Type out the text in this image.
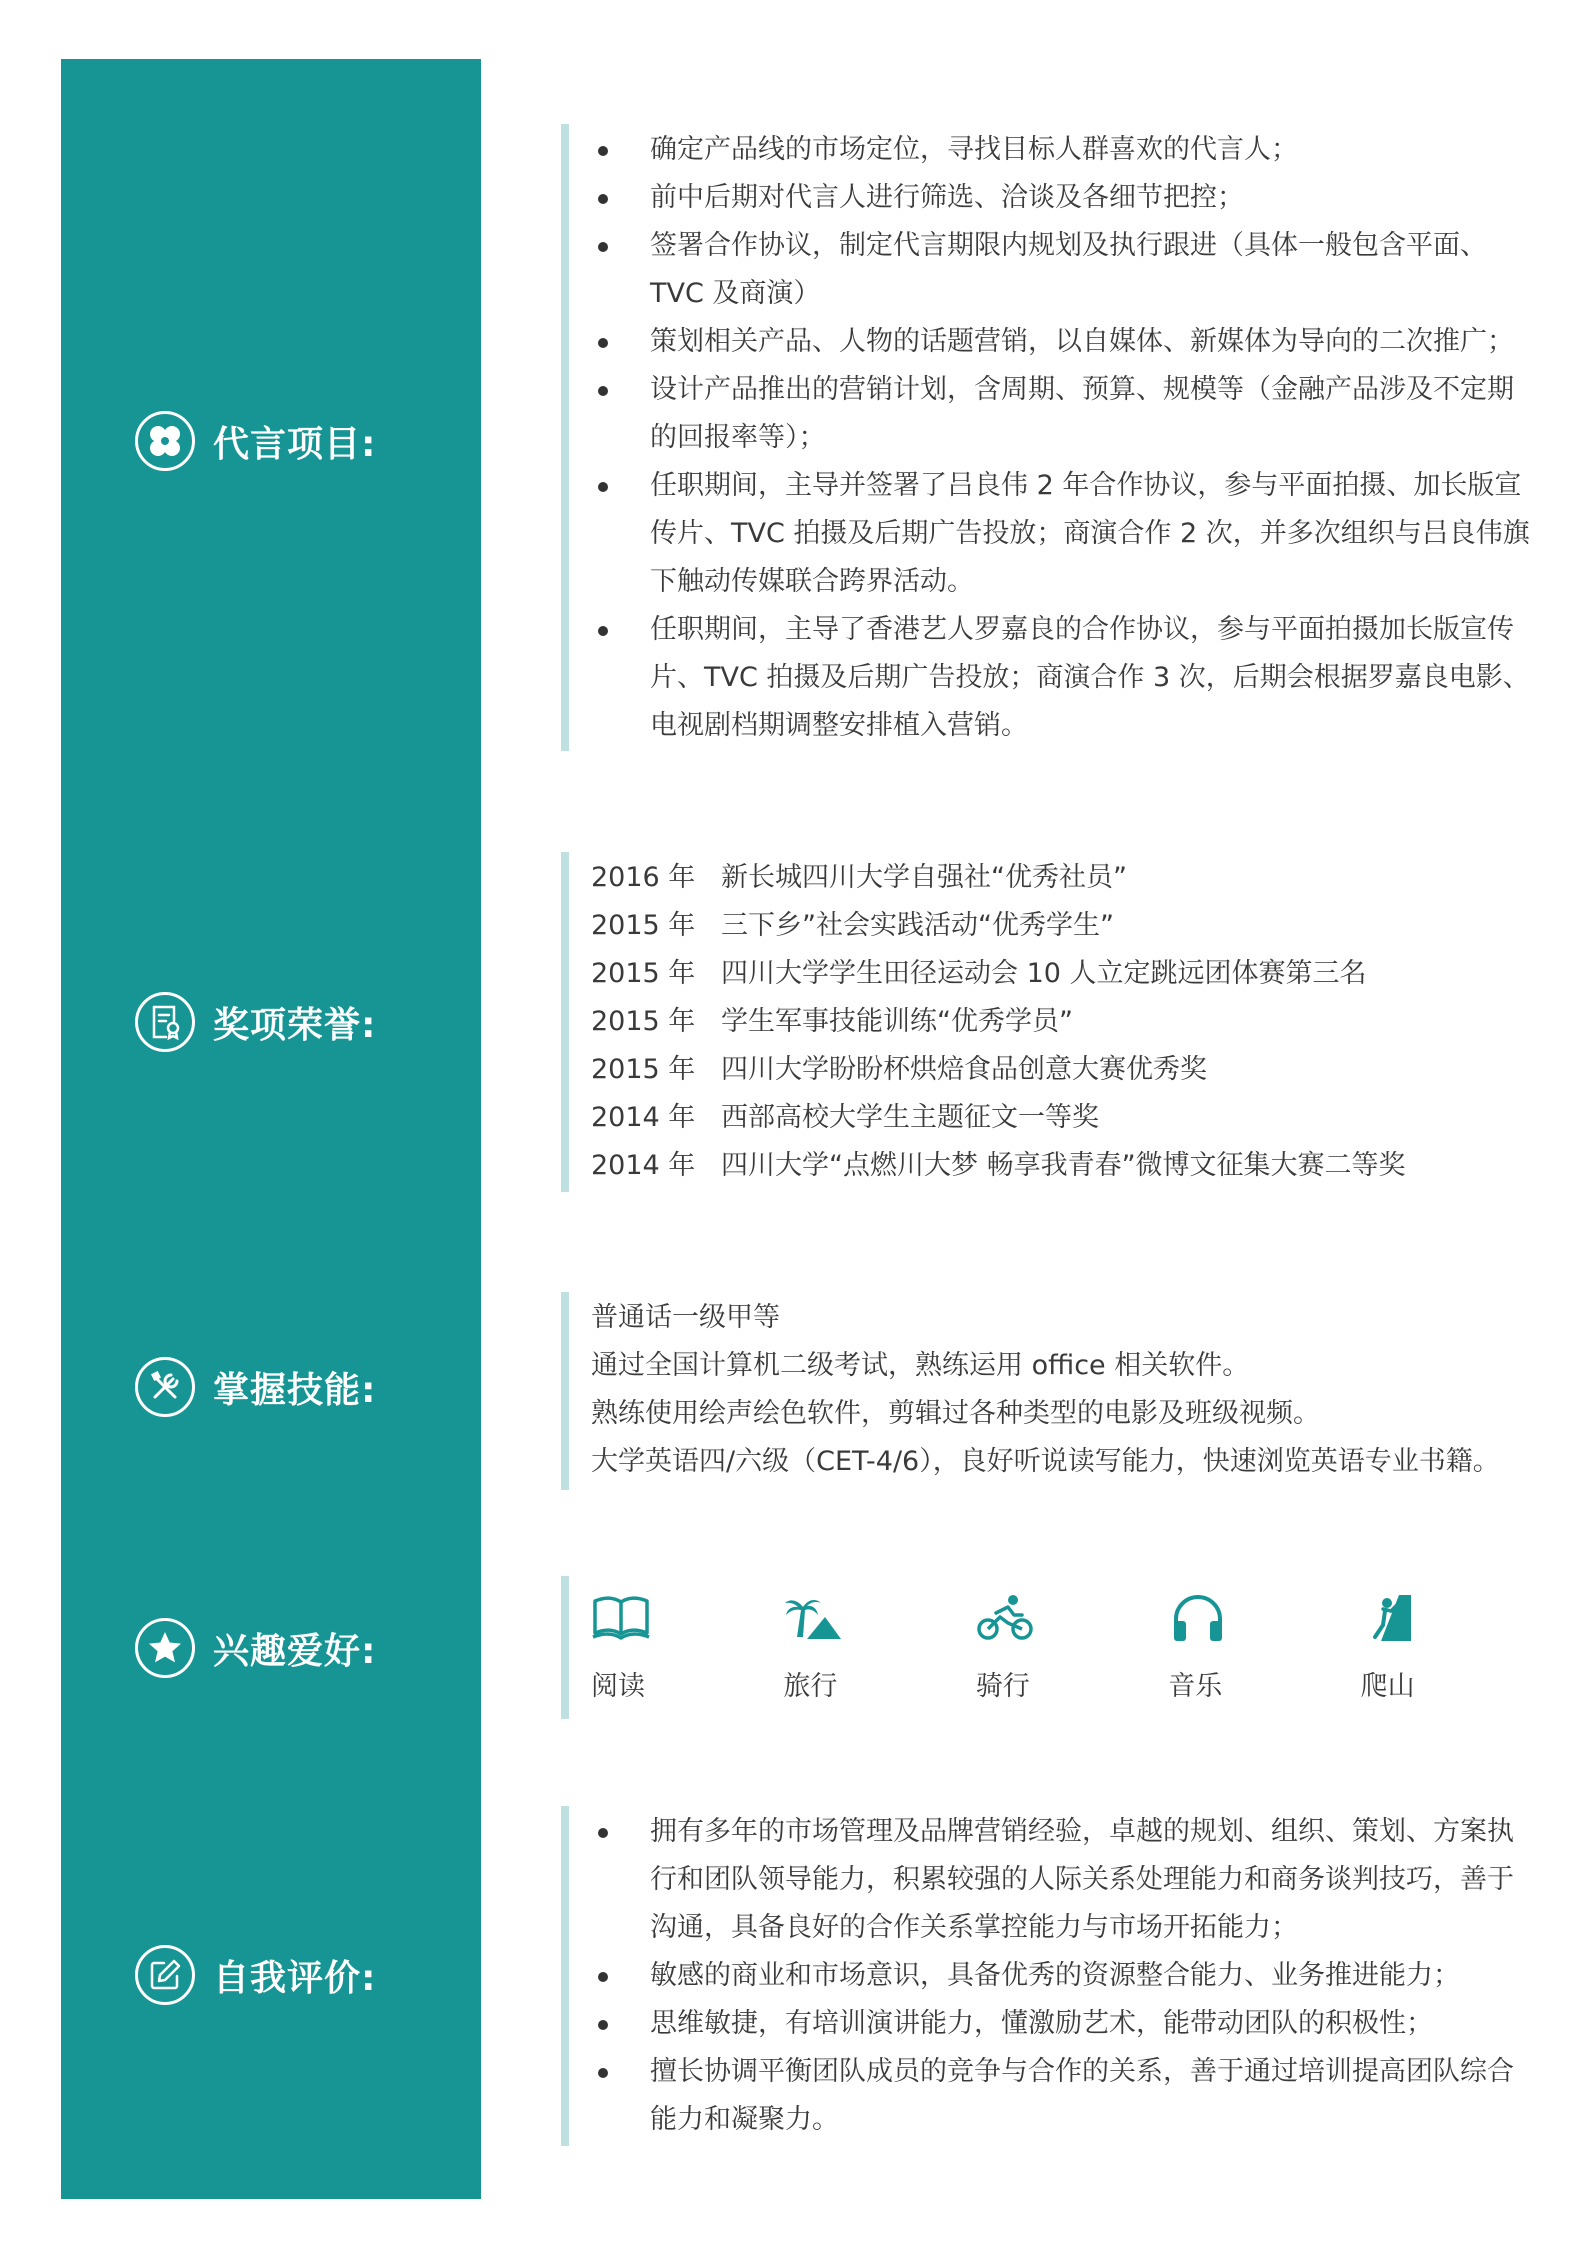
代言项目:
奖项荣誉:
掌握技能:
兴趣爱好:
自我评价:
确定产品线的市场定位，寻找目标人群喜欢的代言人；
前中后期对代言人进行筛选、洽谈及各细节把控；
签署合作协议，制定代言期限内规划及执行跟进（具体一般包含平面、TVC 及商演）
策划相关产品、人物的话题营销，以自媒体、新媒体为导向的二次推广；
设计产品推出的营销计划，含周期、预算、规模等（金融产品涉及不定期的回报率等）；
任职期间，主导并签署了吕良伟 2 年合作协议，参与平面拍摄、加长版宣传片、TVC 拍摄及后期广告投放；商演合作 2 次，并多次组织与吕良伟旗下触动传媒联合跨界活动。
任职期间，主导了香港艺人罗嘉良的合作协议，参与平面拍摄加长版宣传片、TVC 拍摄及后期广告投放；商演合作 3 次，后期会根据罗嘉良电影、电视剧档期调整安排植入营销。
2016 年 新长城四川大学自强社“优秀社员”
2015 年 三下乡”社会实践活动“优秀学生”
2015 年 四川大学学生田径运动会 10 人立定跳远团体赛第三名
2015 年 学生军事技能训练“优秀学员”
2015 年 四川大学盼盼杯烘焙食品创意大赛优秀奖
2014 年 西部高校大学生主题征文一等奖
2014 年 四川大学“点燃川大梦 畅享我青春”微博文征集大赛二等奖
普通话一级甲等
通过全国计算机二级考试，熟练运用 office 相关软件。
熟练使用绘声绘色软件，剪辑过各种类型的电影及班级视频。
大学英语四/六级（CET-4/6），良好听说读写能力，快速浏览英语专业书籍。
阅读	旅行	骑行	音乐	爬山
拥有多年的市场管理及品牌营销经验，卓越的规划、组织、策划、方案执行和团队领导能力，积累较强的人际关系处理能力和商务谈判技巧，善于沟通，具备良好的合作关系掌控能力与市场开拓能力；
敏感的商业和市场意识，具备优秀的资源整合能力、业务推进能力；
思维敏捷，有培训演讲能力，懂激励艺术，能带动团队的积极性；
擅长协调平衡团队成员的竞争与合作的关系，善于通过培训提高团队综合能力和凝聚力。
